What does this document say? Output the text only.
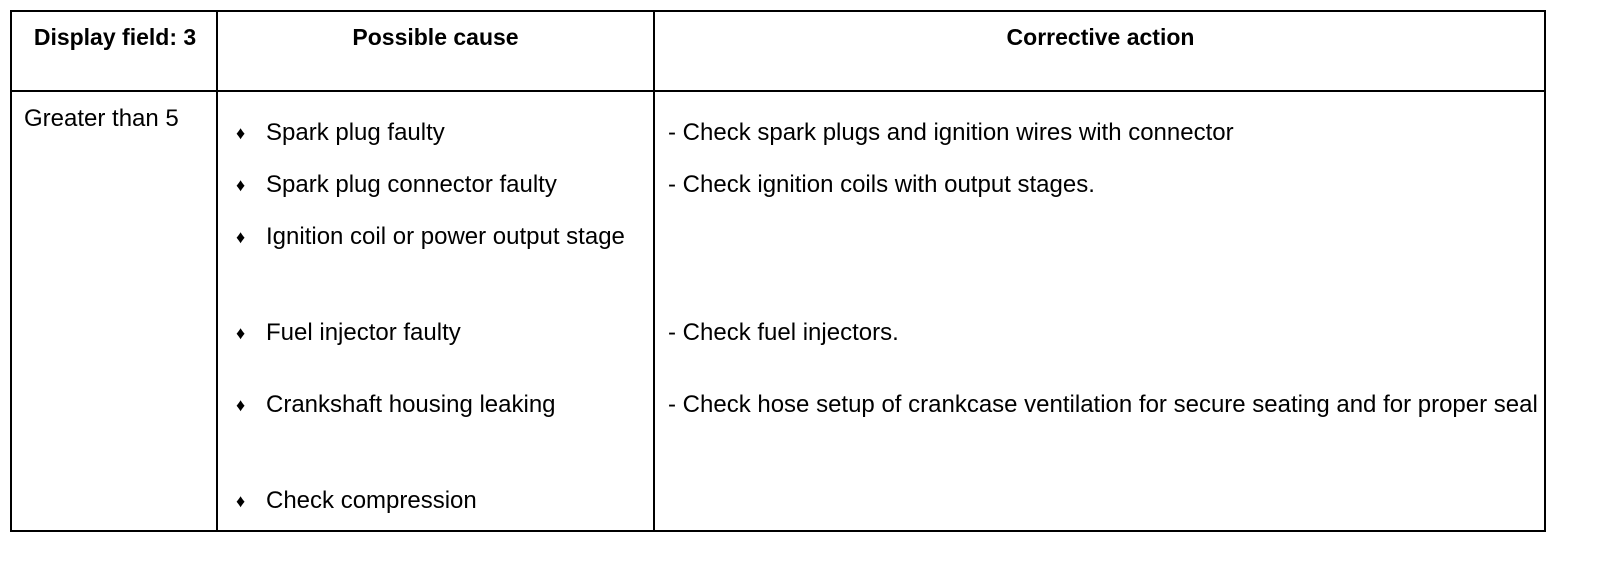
Display field: 3	Possible cause	Corrective action
Greater than 5
♦ Spark plug faulty
♦ Spark plug connector faulty
♦ Ignition coil or power output stage
♦ Fuel injector faulty
♦ Crankshaft housing leaking
♦ Check compression
- Check spark plugs and ignition wires with connector
- Check ignition coils with output stages.
- Check fuel injectors.
- Check hose setup of crankcase ventilation for secure seating and for proper seal
